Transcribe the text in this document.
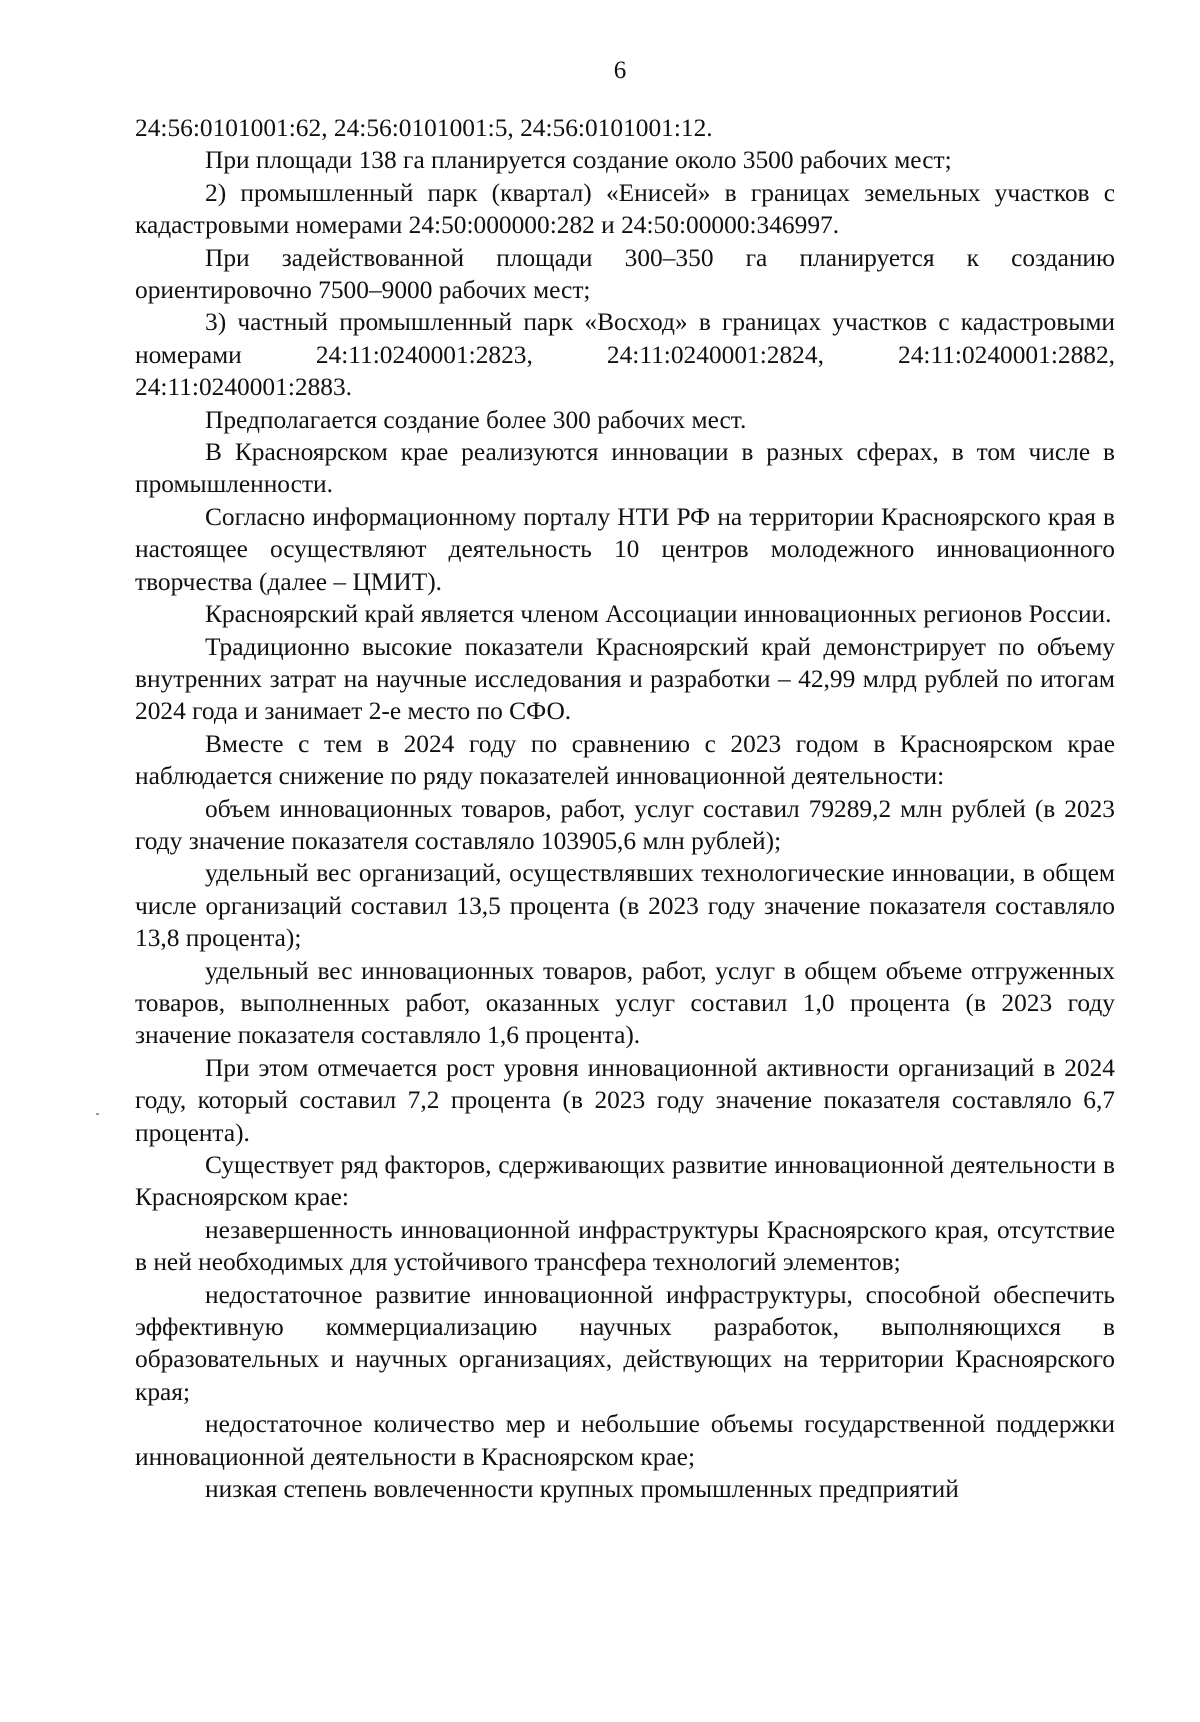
6

24:56:0101001:62, 24:56:0101001:5, 24:56:0101001:12.

При площади 138 га планируется создание около 3500 рабочих мест;

2) промышленный парк (квартал) «Енисей» в границах земельных участков с кадастровыми номерами 24:50:000000:282 и 24:50:00000:346997.

При задействованной площади 300–350 га планируется к созданию ориентировочно 7500–9000 рабочих мест;

3) частный промышленный парк «Восход» в границах участков с кадастровыми номерами 24:11:0240001:2823, 24:11:0240001:2824, 24:11:0240001:2882, 24:11:0240001:2883.

Предполагается создание более 300 рабочих мест.

В Красноярском крае реализуются инновации в разных сферах, в том числе в промышленности.

Согласно информационному порталу НТИ РФ на территории Красноярского края в настоящее осуществляют деятельность 10 центров молодежного инновационного творчества (далее – ЦМИТ).

Красноярский край является членом Ассоциации инновационных регионов России.

Традиционно высокие показатели Красноярский край демонстрирует по объему внутренних затрат на научные исследования и разработки – 42,99 млрд рублей по итогам 2024 года и занимает 2-е место по СФО.

Вместе с тем в 2024 году по сравнению с 2023 годом в Красноярском крае наблюдается снижение по ряду показателей инновационной деятельности:

объем инновационных товаров, работ, услуг составил 79289,2 млн рублей (в 2023 году значение показателя составляло 103905,6 млн рублей);

удельный вес организаций, осуществлявших технологические инновации, в общем числе организаций составил 13,5 процента (в 2023 году значение показателя составляло 13,8 процента);

удельный вес инновационных товаров, работ, услуг в общем объеме отгруженных товаров, выполненных работ, оказанных услуг составил 1,0 процента (в 2023 году значение показателя составляло 1,6 процента).

При этом отмечается рост уровня инновационной активности организаций в 2024 году, который составил 7,2 процента (в 2023 году значение показателя составляло 6,7 процента).

Существует ряд факторов, сдерживающих развитие инновационной деятельности в Красноярском крае:

незавершенность инновационной инфраструктуры Красноярского края, отсутствие в ней необходимых для устойчивого трансфера технологий элементов;

недостаточное развитие инновационной инфраструктуры, способной обеспечить эффективную коммерциализацию научных разработок, выполняющихся в образовательных и научных организациях, действующих на территории Красноярского края;

недостаточное количество мер и небольшие объемы государственной поддержки инновационной деятельности в Красноярском крае;

низкая степень вовлеченности крупных промышленных предприятий
